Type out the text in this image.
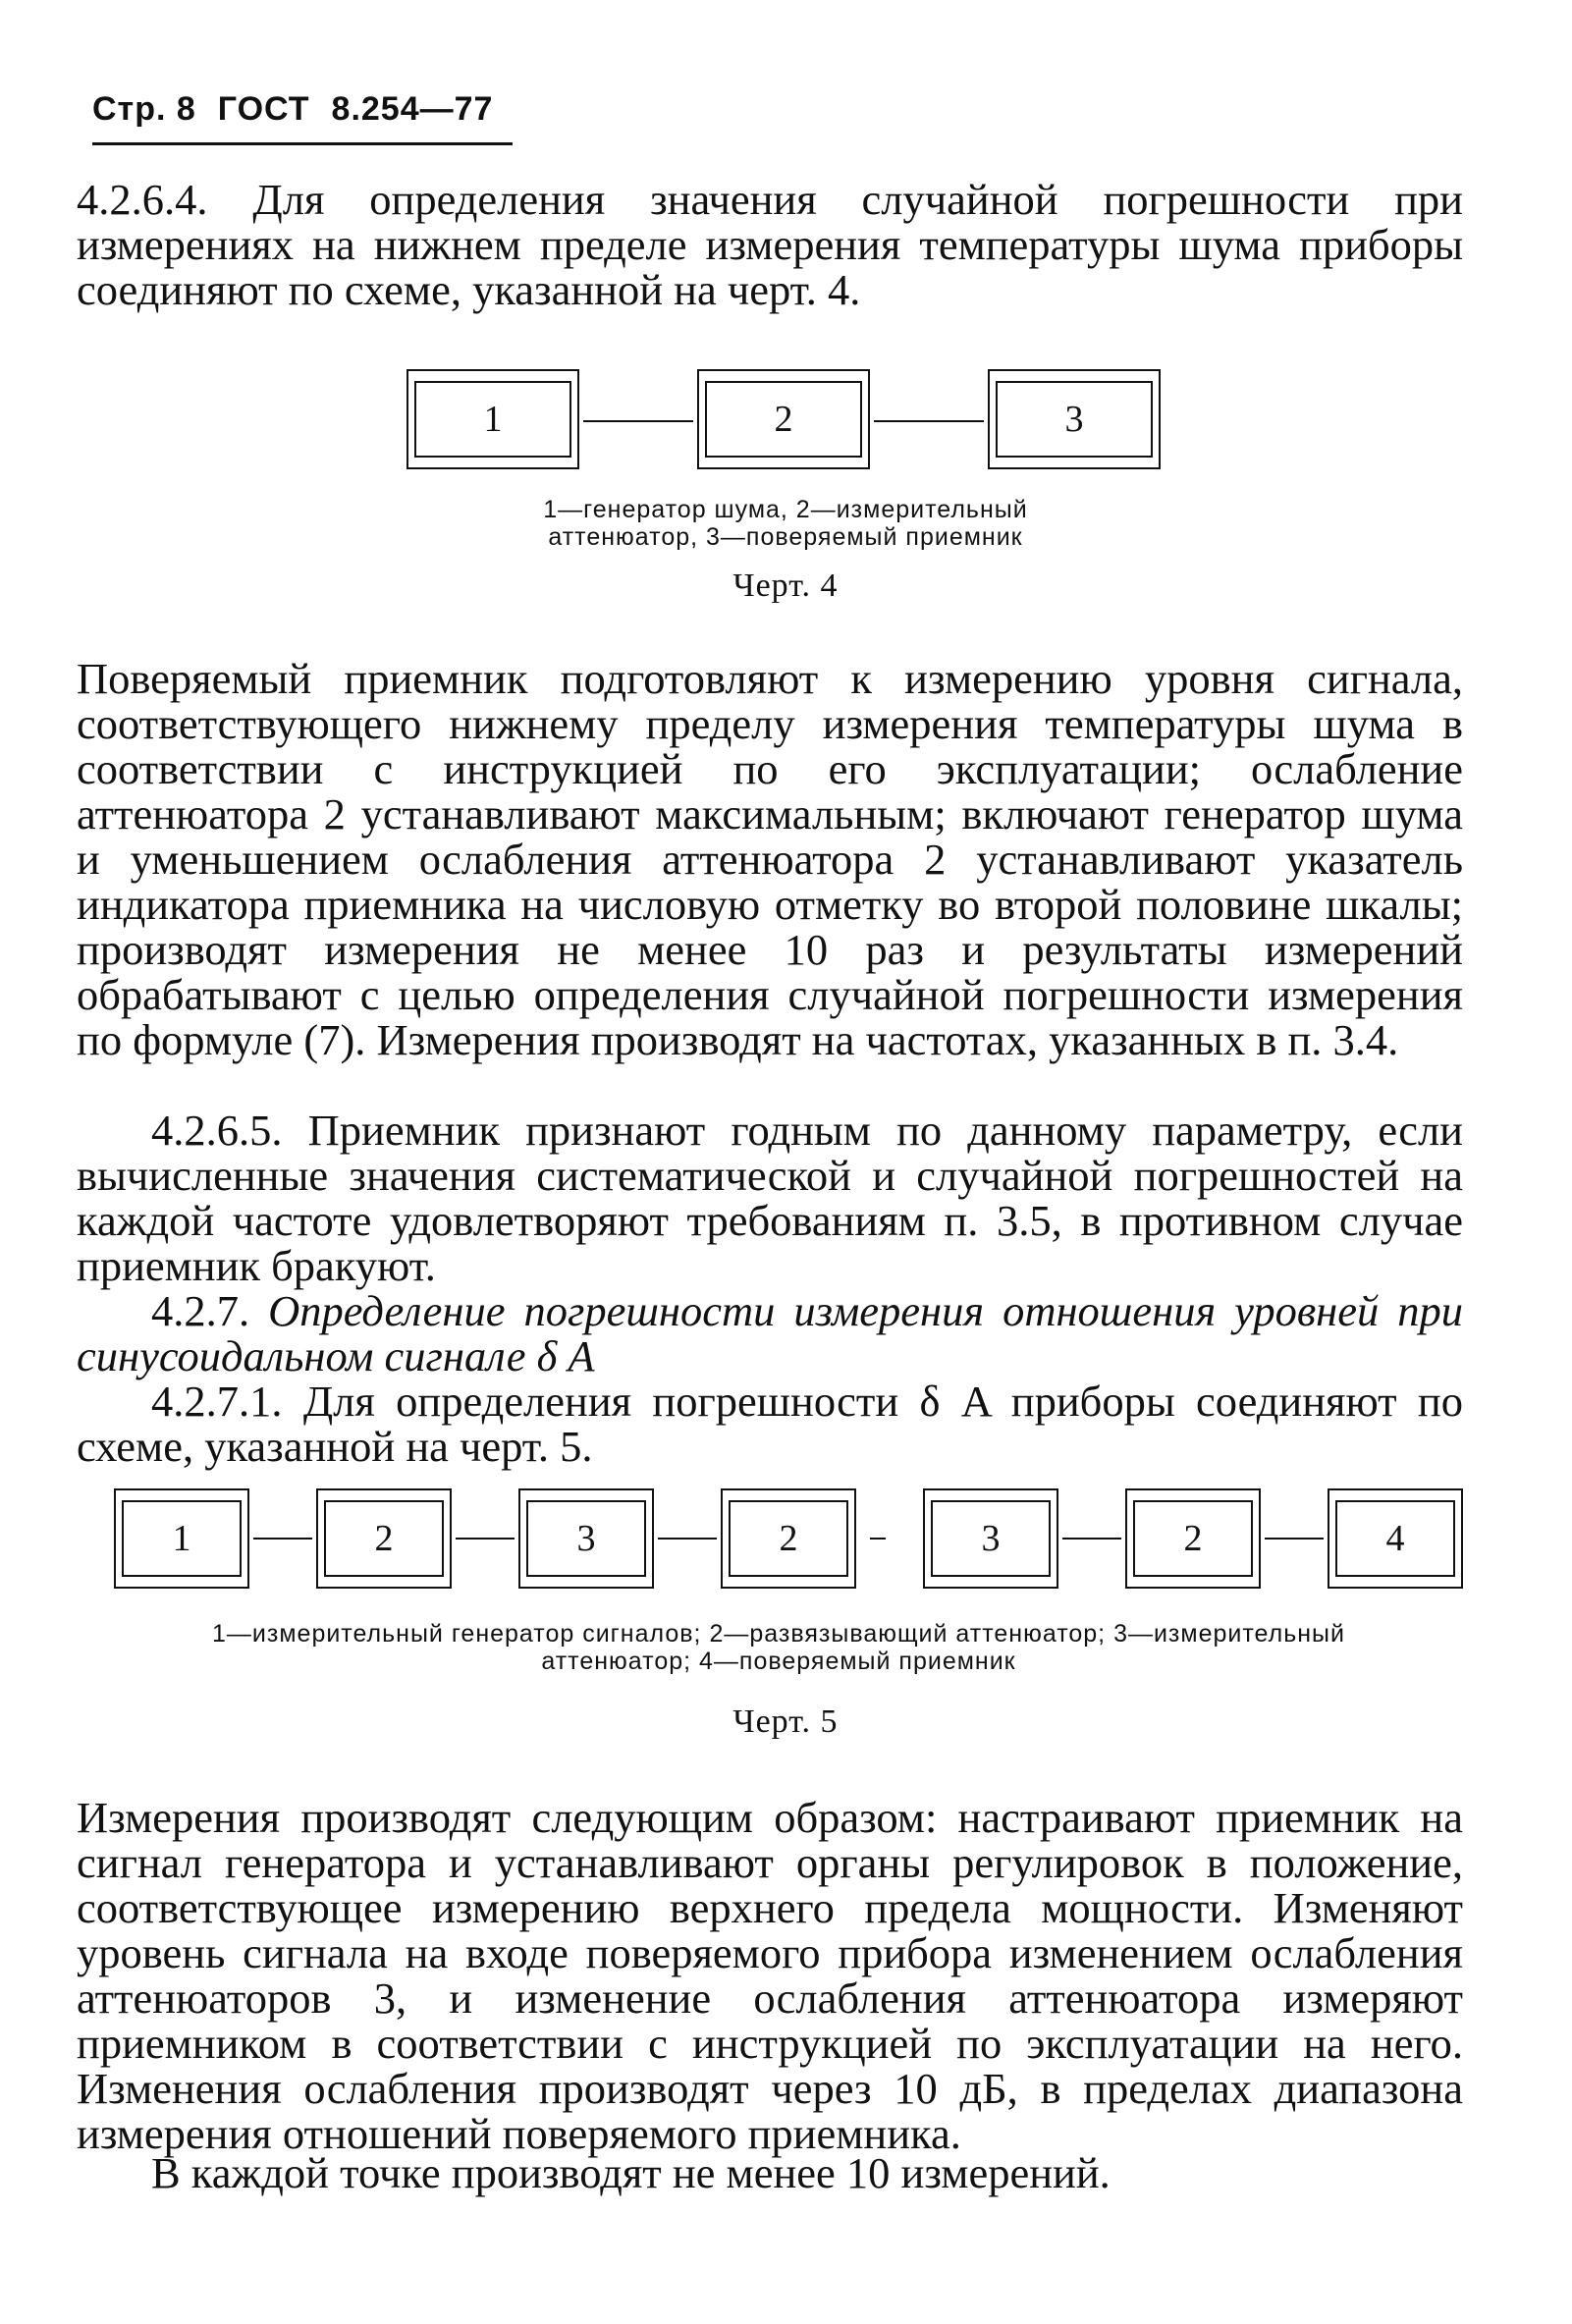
Стр. 8 ГОСТ 8.254—77
4.2.6.4. Для определения значения случайной погрешности при измерениях на нижнем пределе измерения температуры шума приборы соединяют по схеме, указанной на черт. 4.
1	2	3
1—генератор шума, 2—измерительный
аттенюатор, 3—поверяемый приемник
Черт. 4
Поверяемый приемник подготовляют к измерению уровня сигнала, соответствующего нижнему пределу измерения температуры шума в соответствии с инструкцией по его эксплуатации; ослабление аттенюатора 2 устанавливают максимальным; включают генератор шума и уменьшением ослабления аттенюатора 2 устанавливают указатель индикатора приемника на числовую отметку во второй половине шкалы; производят измерения не менее 10 раз и результаты измерений обрабатывают с целью определения случайной погрешности измерения по формуле (7). Измерения производят на частотах, указанных в п. 3.4.
4.2.6.5. Приемник признают годным по данному параметру, если вычисленные значения систематической и случайной погрешностей на каждой частоте удовлетворяют требованиям п. 3.5, в противном случае приемник бракуют.
4.2.7. Определение погрешности измерения отношения уровней при синусоидальном сигнале δ A
4.2.7.1. Для определения погрешности δ A приборы соединяют по схеме, указанной на черт. 5.
1	2	3	2	3	2	4
1—измерительный генератор сигналов; 2—развязывающий аттенюатор; 3—измерительный
аттенюатор; 4—поверяемый приемник
Черт. 5
Измерения производят следующим образом: настраивают приемник на сигнал генератора и устанавливают органы регулировок в положение, соответствующее измерению верхнего предела мощности. Изменяют уровень сигнала на входе поверяемого прибора изменением ослабления аттенюаторов 3, и изменение ослабления аттенюатора измеряют приемником в соответствии с инструкцией по эксплуатации на него. Изменения ослабления производят через 10 дБ, в пределах диапазона измерения отношений поверяемого приемника.
В каждой точке производят не менее 10 измерений.
